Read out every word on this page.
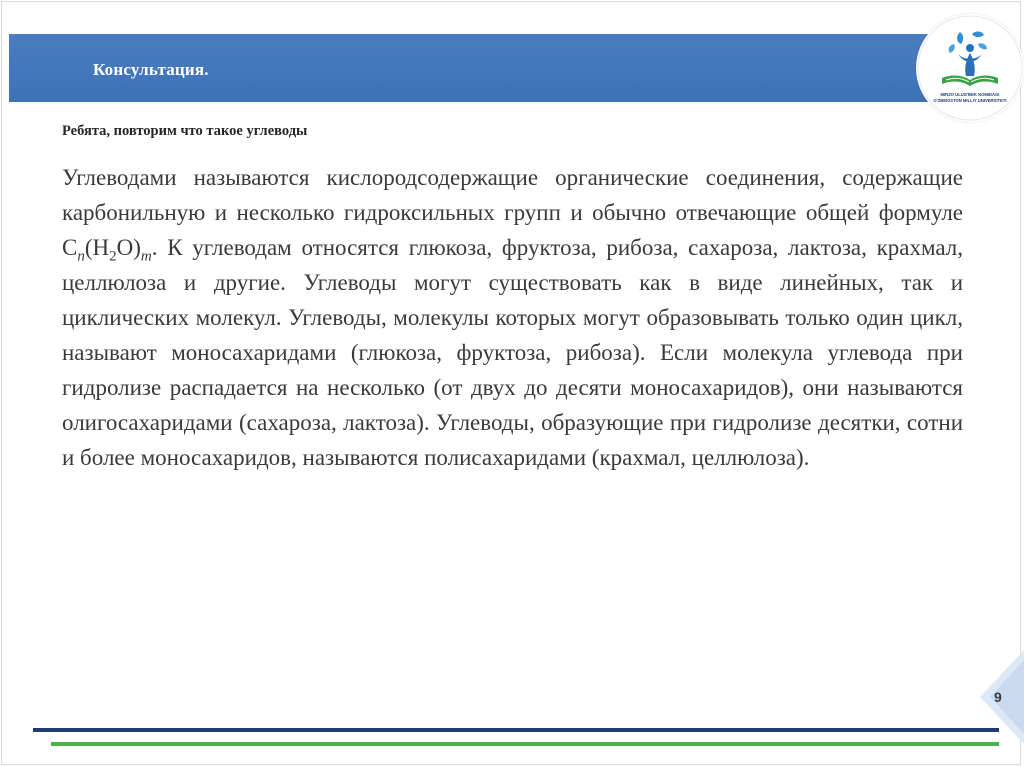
Консультация.
MIRZO ULUG'BEK NOMIDAGI
O'ZBEKISTON MILLIY UNIVERSITETI
Ребята, повторим что такое углеводы
Углеводами называются кислородсодержащие органические соединения, содержащие карбонильную и несколько гидроксильных групп и обычно отвечающие общей формуле $C_n(H_2O)_m$. К углеводам относятся глюкоза, фруктоза, рибоза, сахароза, лактоза, крахмал, целлюлоза и другие. Углеводы могут существовать как в виде линейных, так и циклических молекул. Углеводы, молекулы которых могут образовывать только один цикл, называют моносахаридами (глюкоза, фруктоза, рибоза). Если молекула углевода при гидролизе распадается на несколько (от двух до десяти моносахаридов), они называются олигосахаридами (сахароза, лактоза). Углеводы, образующие при гидролизе десятки, сотни и более моносахаридов, называются полисахаридами (крахмал, целлюлоза).
9
